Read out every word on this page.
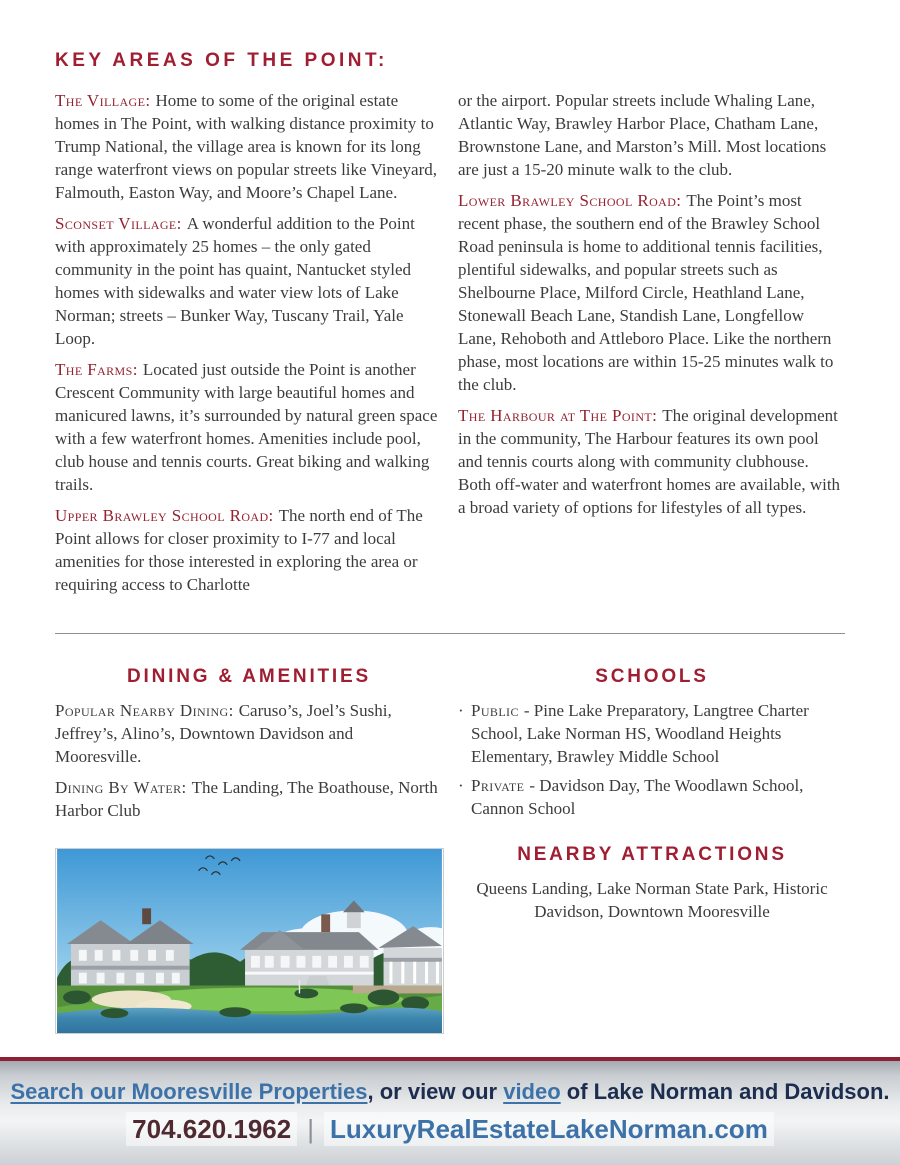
KEY AREAS OF THE POINT:

The Village: Home to some of the original estate homes in The Point, with walking distance proximity to Trump National, the village area is known for its long range waterfront views on popular streets like Vineyard, Falmouth, Easton Way, and Moore’s Chapel Lane.

Sconset Village: A wonderful addition to the Point with approximately 25 homes – the only gated community in the point has quaint, Nantucket styled homes with sidewalks and water view lots of Lake Norman; streets – Bunker Way, Tuscany Trail, Yale Loop.

The Farms: Located just outside the Point is another Crescent Community with large beautiful homes and manicured lawns, it’s surrounded by natural green space with a few waterfront homes. Amenities include pool, club house and tennis courts. Great biking and walking trails.

Upper Brawley School Road: The north end of The Point allows for closer proximity to I-77 and local amenities for those interested in exploring the area or requiring access to Charlotte

or the airport. Popular streets include Whaling Lane, Atlantic Way, Brawley Harbor Place, Chatham Lane, Brownstone Lane, and Marston’s Mill. Most locations are just a 15-20 minute walk to the club.

Lower Brawley School Road: The Point’s most recent phase, the southern end of the Brawley School Road peninsula is home to additional tennis facilities, plentiful sidewalks, and popular streets such as Shelbourne Place, Milford Circle, Heathland Lane, Stonewall Beach Lane, Standish Lane, Longfellow Lane, Rehoboth and Attleboro Place. Like the northern phase, most locations are within 15-25 minutes walk to the club.

The Harbour at The Point: The original development in the community, The Harbour features its own pool and tennis courts along with community clubhouse. Both off-water and waterfront homes are available, with a broad variety of options for lifestyles of all types.

DINING & AMENITIES

Popular Nearby Dining: Caruso’s, Joel’s Sushi, Jeffrey’s, Alino’s, Downtown Davidson and Mooresville.

Dining By Water: The Landing, The Boathouse, North Harbor Club

SCHOOLS
· Public - Pine Lake Preparatory, Langtree Charter School, Lake Norman HS, Woodland Heights Elementary, Brawley Middle School
· Private - Davidson Day, The Woodlawn School, Cannon School
NEARBY ATTRACTIONS
Queens Landing, Lake Norman State Park, Historic Davidson, Downtown Mooresville
Search our Mooresville Properties, or view our video of Lake Norman and Davidson.
704.620.1962 | LuxuryRealEstateLakeNorman.com
